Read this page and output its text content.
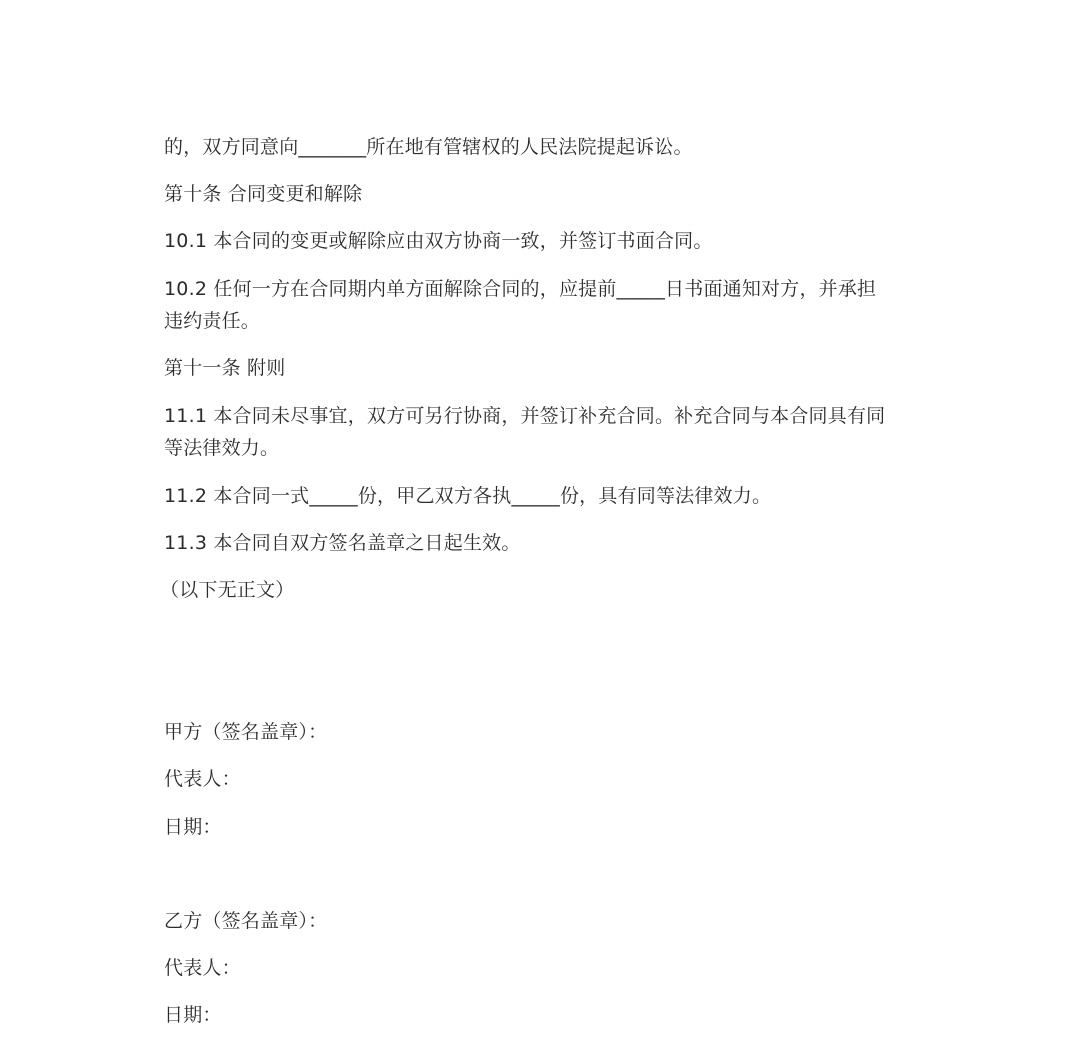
的，双方同意向_______所在地有管辖权的人民法院提起诉讼。
第十条 合同变更和解除
10.1 本合同的变更或解除应由双方协商一致，并签订书面合同。
10.2 任何一方在合同期内单方面解除合同的，应提前_____日书面通知对方，并承担
违约责任。
第十一条 附则
11.1 本合同未尽事宜，双方可另行协商，并签订补充合同。补充合同与本合同具有同
等法律效力。
11.2 本合同一式_____份，甲乙双方各执_____份，具有同等法律效力。
11.3 本合同自双方签名盖章之日起生效。
（以下无正文）
甲方（签名盖章）：
代表人：
日期：
乙方（签名盖章）：
代表人：
日期：
